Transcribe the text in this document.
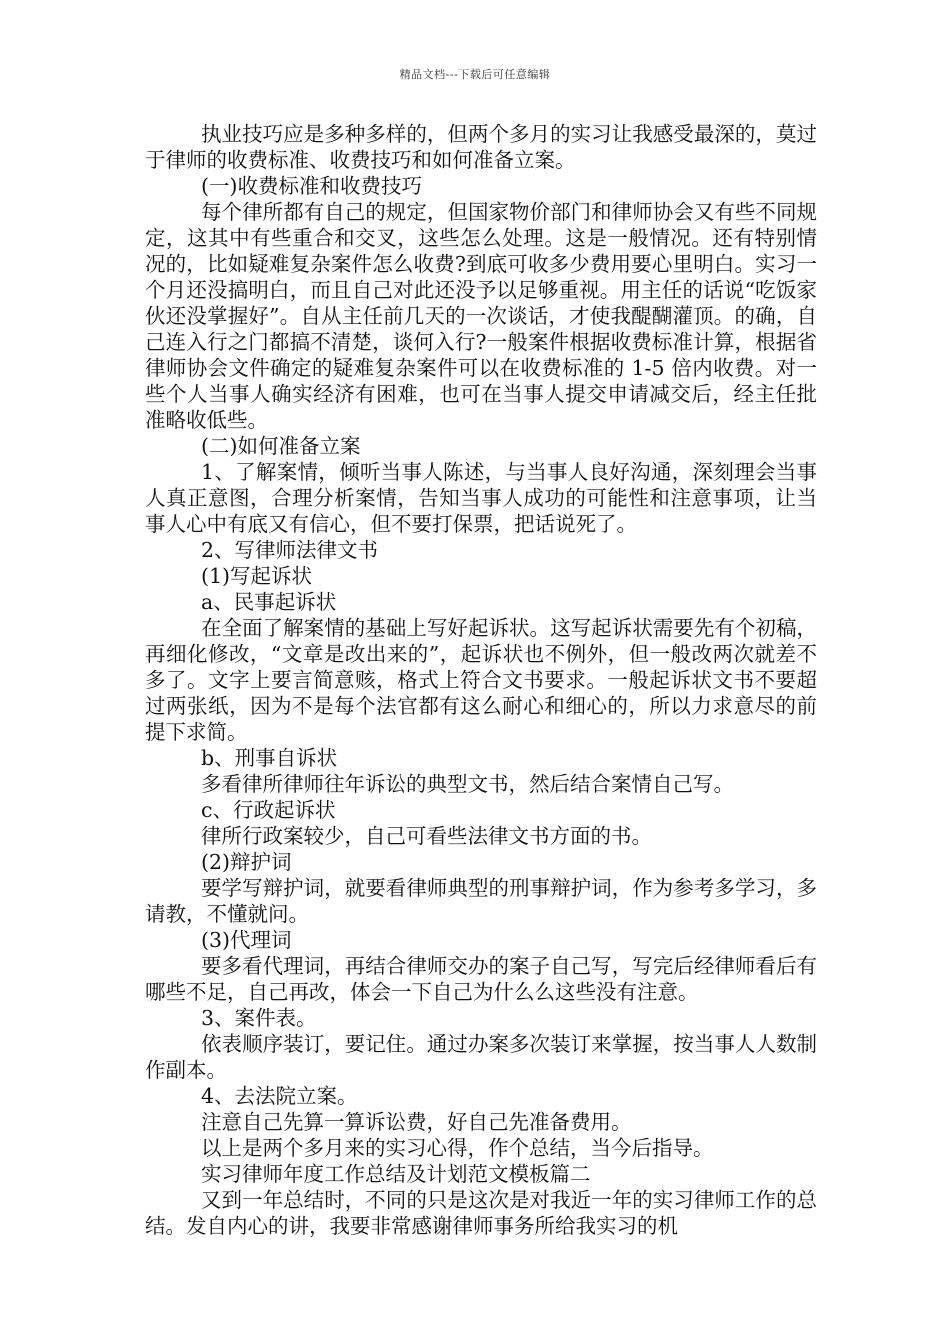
精品文档---下载后可任意编辑

执业技巧应是多种多样的，但两个多月的实习让我感受最深的，莫过于律师的收费标准、收费技巧和如何准备立案。

(一)收费标准和收费技巧

每个律所都有自己的规定，但国家物价部门和律师协会又有些不同规定，这其中有些重合和交叉，这些怎么处理。这是一般情况。还有特别情况的，比如疑难复杂案件怎么收费?到底可收多少费用要心里明白。实习一个月还没搞明白，而且自己对此还没予以足够重视。用主任的话说“吃饭家伙还没掌握好”。自从主任前几天的一次谈话，才使我醍醐灌顶。的确，自己连入行之门都搞不清楚，谈何入行?一般案件根据收费标准计算，根据省律师协会文件确定的疑难复杂案件可以在收费标准的 1-5 倍内收费。对一些个人当事人确实经济有困难，也可在当事人提交申请减交后，经主任批准略收低些。

(二)如何准备立案

1、了解案情，倾听当事人陈述，与当事人良好沟通，深刻理会当事人真正意图，合理分析案情，告知当事人成功的可能性和注意事项，让当事人心中有底又有信心，但不要打保票，把话说死了。

2、写律师法律文书

(1)写起诉状

a、民事起诉状

在全面了解案情的基础上写好起诉状。这写起诉状需要先有个初稿，再细化修改，“文章是改出来的”，起诉状也不例外，但一般改两次就差不多了。文字上要言简意赅，格式上符合文书要求。一般起诉状文书不要超过两张纸，因为不是每个法官都有这么耐心和细心的，所以力求意尽的前提下求简。

b、刑事自诉状

多看律所律师往年诉讼的典型文书，然后结合案情自己写。

c、行政起诉状

律所行政案较少，自己可看些法律文书方面的书。

(2)辩护词

要学写辩护词，就要看律师典型的刑事辩护词，作为参考多学习，多请教，不懂就问。

(3)代理词

要多看代理词，再结合律师交办的案子自己写，写完后经律师看后有哪些不足，自己再改，体会一下自己为什么么这些没有注意。

3、案件表。

依表顺序装订，要记住。通过办案多次装订来掌握，按当事人人数制作副本。

4、去法院立案。

注意自己先算一算诉讼费，好自己先准备费用。

以上是两个多月来的实习心得，作个总结，当今后指导。

实习律师年度工作总结及计划范文模板篇二

又到一年总结时，不同的只是这次是对我近一年的实习律师工作的总结。发自内心的讲，我要非常感谢律师事务所给我实习的机
